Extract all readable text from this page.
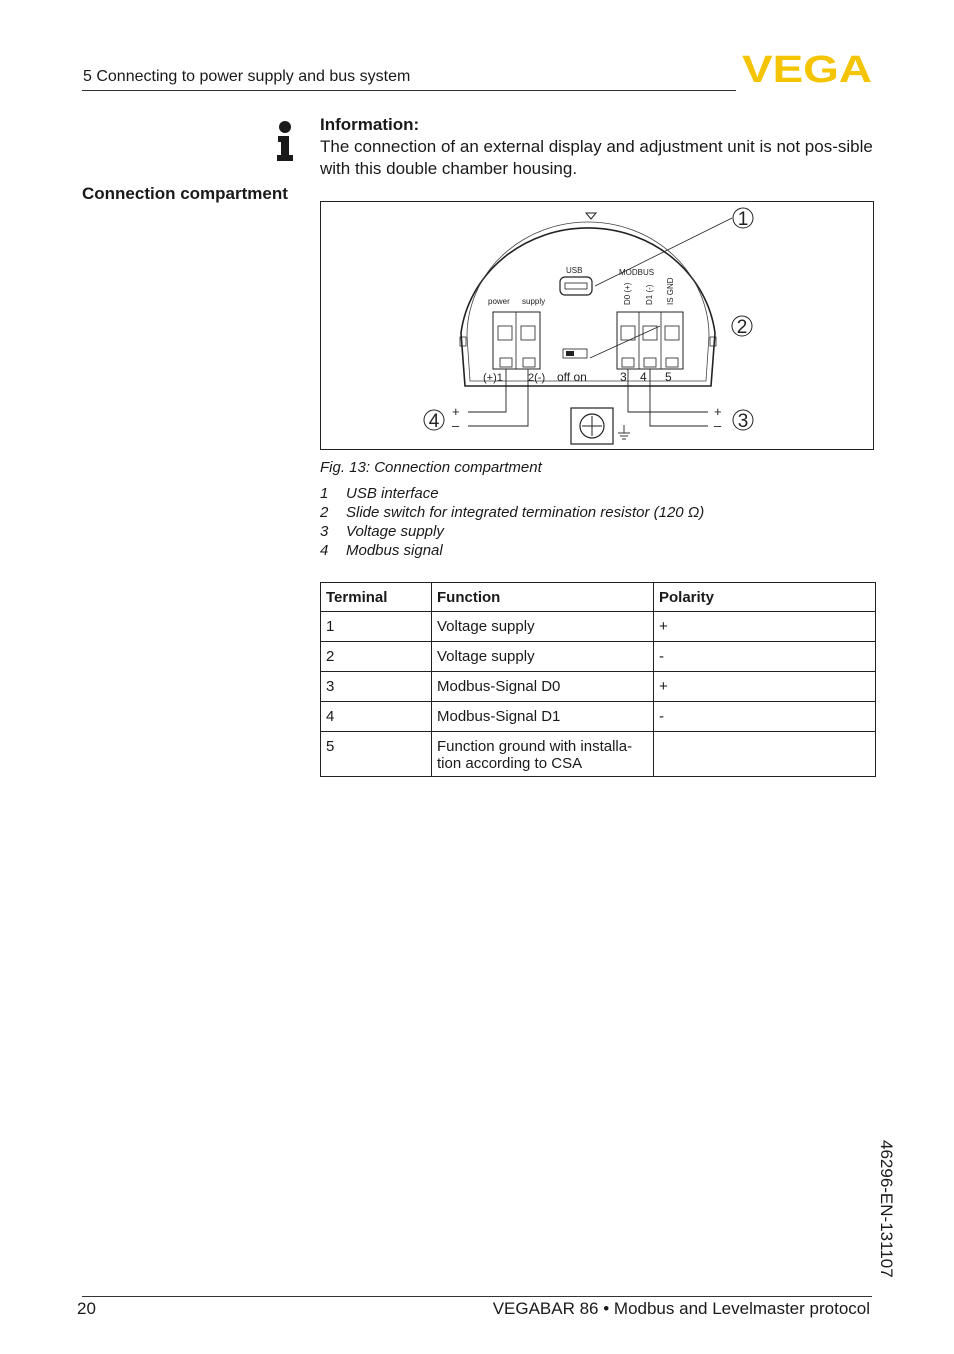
5 Connecting to power supply and bus system	VEGA
Information:
The connection of an external display and adjustment unit is not pos-sible with this double chamber housing.
Connection compartment
USB	MODBUS
power supply	D0 (+) D1 (-) IS GND
(+)1 2(-) off on	3 4 5
+
–
+
–
1
2
3
4
Fig. 13: Connection compartment
1 USB interface
2 Slide switch for integrated termination resistor (120 Ω)
3 Voltage supply
4 Modbus signal
Terminal	Function	Polarity
1	Voltage supply	+
2	Voltage supply	-
3	Modbus-Signal D0	+
4	Modbus-Signal D1	-
5	Function ground with installa-tion according to CSA	
46296-EN-131107
20	VEGABAR 86 • Modbus and Levelmaster protocol
